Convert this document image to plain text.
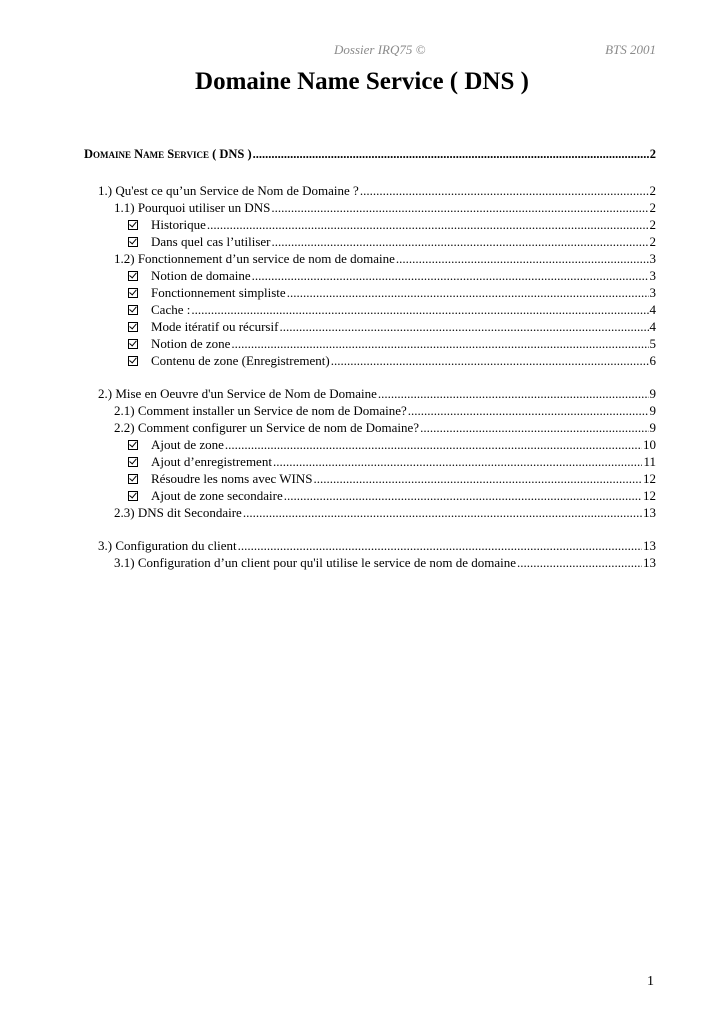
Dossier IRQ75 ©	BTS 2001
Domaine Name Service ( DNS )
Domaine Name Service ( DNS ) .....	2
1.) Qu'est ce qu’un Service de Nom de Domaine ? .....	2
1.1) Pourquoi utiliser un DNS .....	2
Historique .....	2
Dans quel cas l’utiliser .....	2
1.2) Fonctionnement d’un service de nom de domaine .....	3
Notion de domaine .....	3
Fonctionnement simpliste .....	3
Cache : .....	4
Mode itératif ou récursif .....	4
Notion de zone .....	5
Contenu de zone (Enregistrement) .....	6
2.) Mise en Oeuvre d'un Service de Nom de Domaine .....	9
2.1) Comment installer un Service de nom de Domaine? .....	9
2.2) Comment configurer un Service de nom de Domaine? .....	9
Ajout de zone .....	10
Ajout d’enregistrement .....	11
Résoudre les noms avec WINS .....	12
Ajout de zone secondaire .....	12
2.3) DNS dit Secondaire .....	13
3.) Configuration du client .....	13
3.1) Configuration d’un client pour qu'il utilise le service de nom de domaine .....	13
1
